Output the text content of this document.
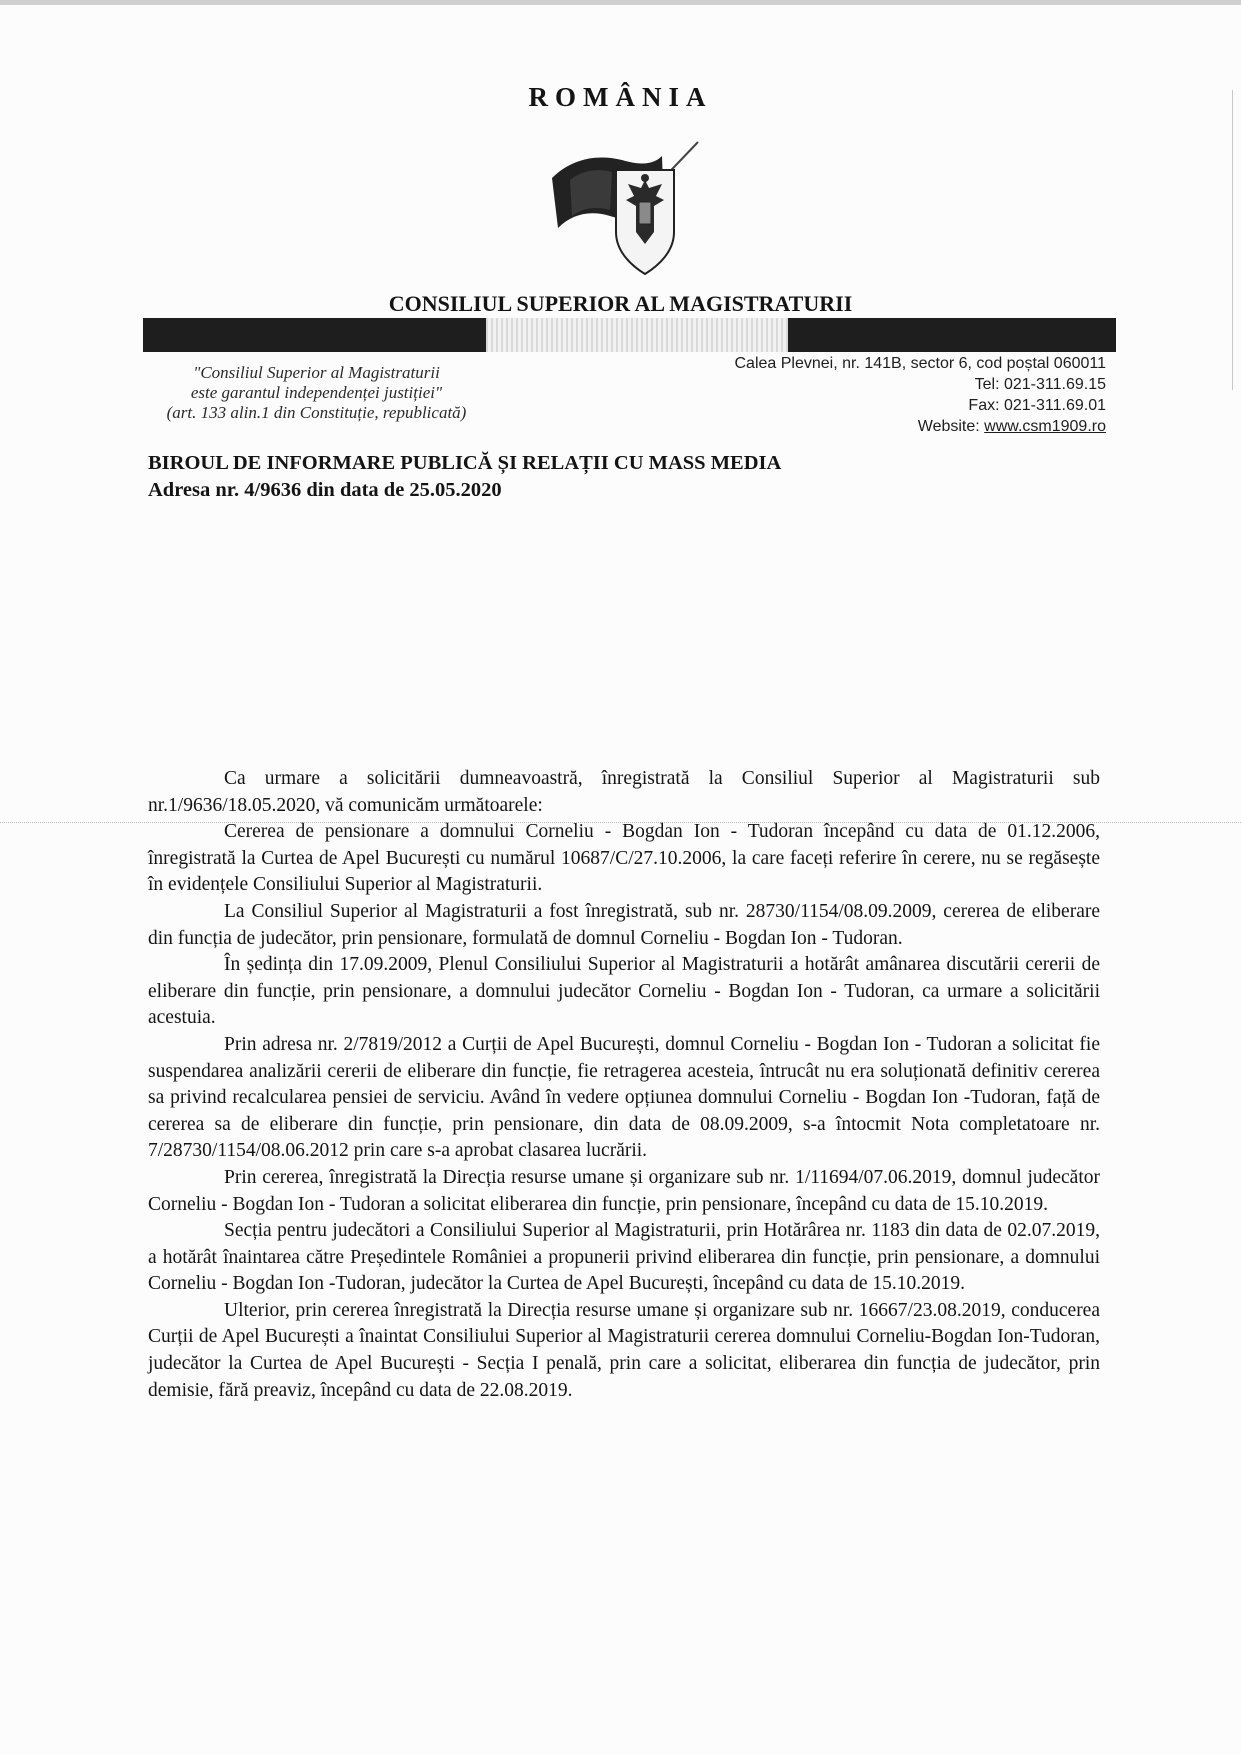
ROMÂNIA
CONSILIUL SUPERIOR AL MAGISTRATURII
"Consiliul Superior al Magistraturii
este garantul independenței justiției"
(art. 133 alin.1 din Constituție, republicată)
Calea Plevnei, nr. 141B, sector 6, cod poștal 060011
Tel: 021-311.69.15
Fax: 021-311.69.01
Website: www.csm1909.ro
BIROUL DE INFORMARE PUBLICĂ ȘI RELAȚII CU MASS MEDIA
Adresa nr. 4/9636 din data de 25.05.2020

Ca urmare a solicitării dumneavoastră, înregistrată la Consiliul Superior al Magistraturii sub nr.1/9636/18.05.2020, vă comunicăm următoarele:

Cererea de pensionare a domnului Corneliu - Bogdan Ion - Tudoran începând cu data de 01.12.2006, înregistrată la Curtea de Apel București cu numărul 10687/C/27.10.2006, la care faceți referire în cerere, nu se regăsește în evidențele Consiliului Superior al Magistraturii.

La Consiliul Superior al Magistraturii a fost înregistrată, sub nr. 28730/1154/08.09.2009, cererea de eliberare din funcția de judecător, prin pensionare, formulată de domnul Corneliu - Bogdan Ion - Tudoran.

În ședința din 17.09.2009, Plenul Consiliului Superior al Magistraturii a hotărât amânarea discutării cererii de eliberare din funcție, prin pensionare, a domnului judecător Corneliu - Bogdan Ion - Tudoran, ca urmare a solicitării acestuia.

Prin adresa nr. 2/7819/2012 a Curții de Apel București, domnul Corneliu - Bogdan Ion - Tudoran a solicitat fie suspendarea analizării cererii de eliberare din funcție, fie retragerea acesteia, întrucât nu era soluționată definitiv cererea sa privind recalcularea pensiei de serviciu. Având în vedere opțiunea domnului Corneliu - Bogdan Ion -Tudoran, față de cererea sa de eliberare din funcție, prin pensionare, din data de 08.09.2009, s-a întocmit Nota completatoare nr. 7/28730/1154/08.06.2012 prin care s-a aprobat clasarea lucrării.

Prin cererea, înregistrată la Direcția resurse umane și organizare sub nr. 1/11694/07.06.2019, domnul judecător Corneliu - Bogdan Ion - Tudoran a solicitat eliberarea din funcție, prin pensionare, începând cu data de 15.10.2019.

Secția pentru judecători a Consiliului Superior al Magistraturii, prin Hotărârea nr. 1183 din data de 02.07.2019, a hotărât înaintarea către Președintele României a propunerii privind eliberarea din funcție, prin pensionare, a domnului Corneliu - Bogdan Ion -Tudoran, judecător la Curtea de Apel București, începând cu data de 15.10.2019.

Ulterior, prin cererea înregistrată la Direcția resurse umane și organizare sub nr. 16667/23.08.2019, conducerea Curții de Apel București a înaintat Consiliului Superior al Magistraturii cererea domnului Corneliu-Bogdan Ion-Tudoran, judecător la Curtea de Apel București - Secția I penală, prin care a solicitat, eliberarea din funcția de judecător, prin demisie, fără preaviz, începând cu data de 22.08.2019.
